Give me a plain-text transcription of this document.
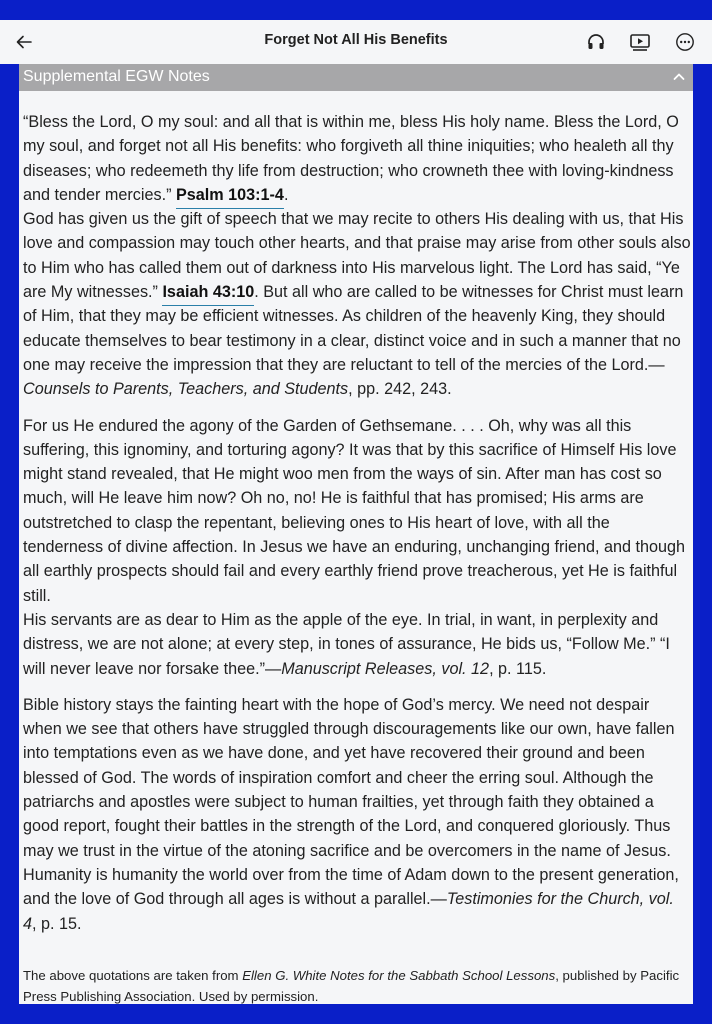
Forget Not All His Benefits
Supplemental EGW Notes

“Bless the Lord, O my soul: and all that is within me, bless His holy name. Bless the Lord, O my soul, and forget not all His benefits: who forgiveth all thine iniquities; who healeth all thy diseases; who redeemeth thy life from destruction; who crowneth thee with loving-kindness and tender mercies.” Psalm 103:1-4.

God has given us the gift of speech that we may recite to others His dealing with us, that His love and compassion may touch other hearts, and that praise may arise from other souls also to Him who has called them out of darkness into His marvelous light. The Lord has said, “Ye are My witnesses.” Isaiah 43:10. But all who are called to be witnesses for Christ must learn of Him, that they may be efficient witnesses. As children of the heavenly King, they should educate themselves to bear testimony in a clear, distinct voice and in such a manner that no one may receive the impression that they are reluctant to tell of the mercies of the Lord.—Counsels to Parents, Teachers, and Students, pp. 242, 243.

For us He endured the agony of the Garden of Gethsemane. . . . Oh, why was all this suffering, this ignominy, and torturing agony? It was that by this sacrifice of Himself His love might stand revealed, that He might woo men from the ways of sin. After man has cost so much, will He leave him now? Oh no, no! He is faithful that has promised; His arms are outstretched to clasp the repentant, believing ones to His heart of love, with all the tenderness of divine affection. In Jesus we have an enduring, unchanging friend, and though all earthly prospects should fail and every earthly friend prove treacherous, yet He is faithful still.

His servants are as dear to Him as the apple of the eye. In trial, in want, in perplexity and distress, we are not alone; at every step, in tones of assurance, He bids us, “Follow Me.” “I will never leave nor forsake thee.”—Manuscript Releases, vol. 12, p. 115.

Bible history stays the fainting heart with the hope of God’s mercy. We need not despair when we see that others have struggled through discouragements like our own, have fallen into temptations even as we have done, and yet have recovered their ground and been blessed of God. The words of inspiration comfort and cheer the erring soul. Although the patriarchs and apostles were subject to human frailties, yet through faith they obtained a good report, fought their battles in the strength of the Lord, and conquered gloriously. Thus may we trust in the virtue of the atoning sacrifice and be overcomers in the name of Jesus. Humanity is humanity the world over from the time of Adam down to the present generation, and the love of God through all ages is without a parallel.—Testimonies for the Church, vol. 4, p. 15.

The above quotations are taken from Ellen G. White Notes for the Sabbath School Lessons, published by Pacific Press Publishing Association. Used by permission.
